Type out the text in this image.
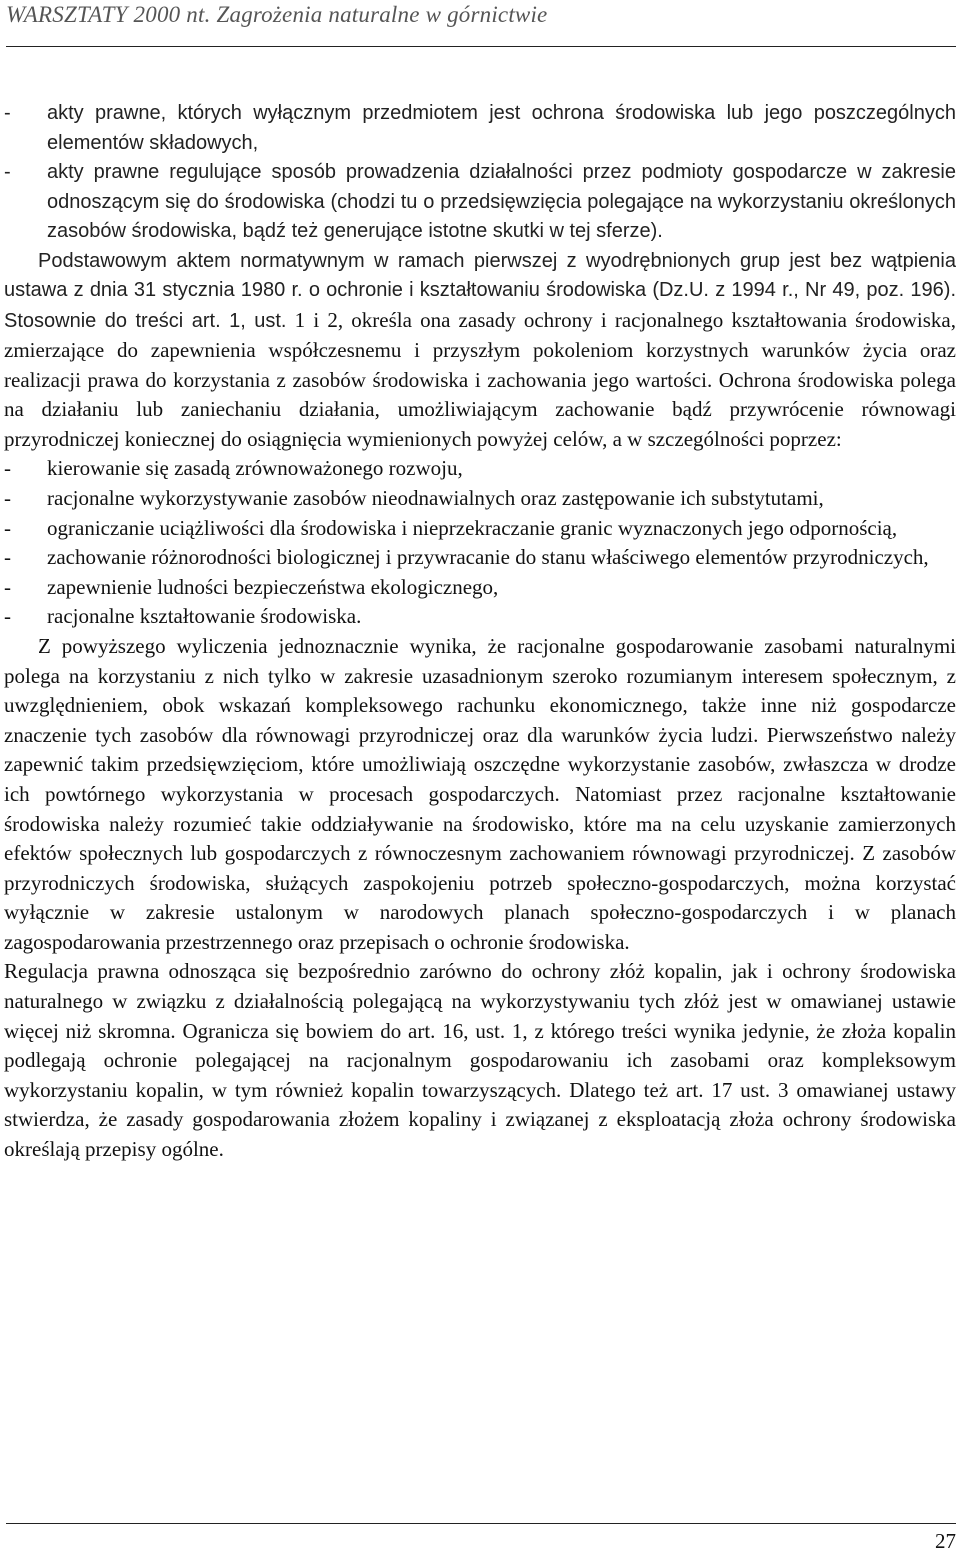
WARSZTATY 2000 nt. Zagrożenia naturalne w górnictwie
-	akty prawne, których wyłącznym przedmiotem jest ochrona środowiska lub jego poszczególnych elementów składowych,
-	akty prawne regulujące sposób prowadzenia działalności przez podmioty gospodarcze w zakresie odnoszącym się do środowiska (chodzi tu o przedsięwzięcia polegające na wykorzystaniu określonych zasobów środowiska, bądź też generujące istotne skutki w tej sferze).

Podstawowym aktem normatywnym w ramach pierwszej z wyodrębnionych grup jest bez wątpienia ustawa z dnia 31 stycznia 1980 r. o ochronie i kształtowaniu środowiska (Dz.U. z 1994 r., Nr 49, poz. 196). Stosownie do treści art. 1, ust. 1 i 2, określa ona zasady ochrony i racjonalnego kształtowania środowiska, zmierzające do zapewnienia współczesnemu i przyszłym pokoleniom korzystnych warunków życia oraz realizacji prawa do korzystania z zasobów środowiska i zachowania jego wartości. Ochrona środowiska polega na działaniu lub zaniechaniu działania, umożliwiającym zachowanie bądź przywrócenie równowagi przyrodniczej koniecznej do osiągnięcia wymienionych powyżej celów, a w szczególności poprzez:

-	kierowanie się zasadą zrównoważonego rozwoju,
-	racjonalne wykorzystywanie zasobów nieodnawialnych oraz zastępowanie ich substytutami,
-	ograniczanie uciążliwości dla środowiska i nieprzekraczanie granic wyznaczonych jego odpornością,
-	zachowanie różnorodności biologicznej i przywracanie do stanu właściwego elementów przyrodniczych,
-	zapewnienie ludności bezpieczeństwa ekologicznego,
-	racjonalne kształtowanie środowiska.

Z powyższego wyliczenia jednoznacznie wynika, że racjonalne gospodarowanie zasobami naturalnymi polega na korzystaniu z nich tylko w zakresie uzasadnionym szeroko rozumianym interesem społecznym, z uwzględnieniem, obok wskazań kompleksowego rachunku ekonomicznego, także inne niż gospodarcze znaczenie tych zasobów dla równowagi przyrodniczej oraz dla warunków życia ludzi. Pierwszeństwo należy zapewnić takim przedsięwzięciom, które umożliwiają oszczędne wykorzystanie zasobów, zwłaszcza w drodze ich powtórnego wykorzystania w procesach gospodarczych. Natomiast przez racjonalne kształtowanie środowiska należy rozumieć takie oddziaływanie na środowisko, które ma na celu uzyskanie zamierzonych efektów społecznych lub gospodarczych z równoczesnym zachowaniem równowagi przyrodniczej. Z zasobów przyrodniczych środowiska, służących zaspokojeniu potrzeb społeczno-gospodarczych, można korzystać wyłącznie w zakresie ustalonym w narodowych planach społeczno-gospodarczych i w planach zagospodarowania przestrzennego oraz przepisach o ochronie środowiska.

Regulacja prawna odnosząca się bezpośrednio zarówno do ochrony złóż kopalin, jak i ochrony środowiska naturalnego w związku z działalnością polegającą na wykorzystywaniu tych złóż jest w omawianej ustawie więcej niż skromna. Ogranicza się bowiem do art. 16, ust. 1, z którego treści wynika jedynie, że złoża kopalin podlegają ochronie polegającej na racjonalnym gospodarowaniu ich zasobami oraz kompleksowym wykorzystaniu kopalin, w tym również kopalin towarzyszących. Dlatego też art. 17 ust. 3 omawianej ustawy stwierdza, że zasady gospodarowania złożem kopaliny i związanej z eksploatacją złoża ochrony środowiska określają przepisy ogólne.

27
